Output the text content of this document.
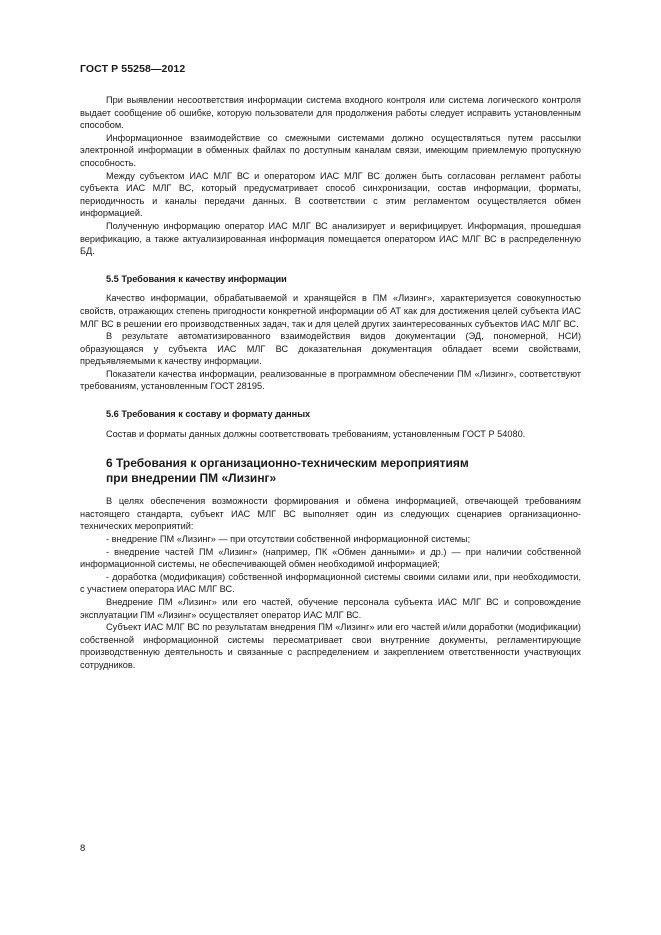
ГОСТ Р 55258—2012

При выявлении несоответствия информации система входного контроля или система логического контроля выдает сообщение об ошибке, которую пользователи для продолжения работы следует исправить установленным способом.

Информационное взаимодействие со смежными системами должно осуществляться путем рассылки электронной информации в обменных файлах по доступным каналам связи, имеющим приемлемую пропускную способность.

Между субъектом ИАС МЛГ ВС и оператором ИАС МЛГ ВС должен быть согласован регламент работы субъекта ИАС МЛГ ВС, который предусматривает способ синхронизации, состав информации, форматы, периодичность и каналы передачи данных. В соответствии с этим регламентом осуществляется обмен информацией.

Полученную информацию оператор ИАС МЛГ ВС анализирует и верифицирует. Информация, прошедшая верификацию, а также актуализированная информация помещается оператором ИАС МЛГ ВС в распределенную БД.

5.5 Требования к качеству информации

Качество информации, обрабатываемой и хранящейся в ПМ «Лизинг», характеризуется совокупностью свойств, отражающих степень пригодности конкретной информации об АТ как для достижения целей субъекта ИАС МЛГ ВС в решении его производственных задач, так и для целей других заинтересованных субъектов ИАС МЛГ ВС.

В результате автоматизированного взаимодействия видов документации (ЭД, пономерной, НСИ) образующаяся у субъекта ИАС МЛГ ВС доказательная документация обладает всеми свойствами, предъявляемыми к качеству информации.

Показатели качества информации, реализованные в программном обеспечении ПМ «Лизинг», соответствуют требованиям, установленным ГОСТ 28195.

5.6 Требования к составу и формату данных

Состав и форматы данных должны соответствовать требованиям, установленным ГОСТ Р 54080.

6 Требования к организационно-техническим мероприятиям
при внедрении ПМ «Лизинг»

В целях обеспечения возможности формирования и обмена информацией, отвечающей требованиям настоящего стандарта, субъект ИАС МЛГ ВС выполняет один из следующих сценариев организационно-технических мероприятий:

- внедрение ПМ «Лизинг» — при отсутствии собственной информационной системы;

- внедрение частей ПМ «Лизинг» (например, ПК «Обмен данными» и др.) — при наличии собственной информационной системы, не обеспечивающей обмен необходимой информацией;

- доработка (модификация) собственной информационной системы своими силами или, при необходимости, с участием оператора ИАС МЛГ ВС.

Внедрение ПМ «Лизинг» или его частей, обучение персонала субъекта ИАС МЛГ ВС и сопровождение эксплуатации ПМ «Лизинг» осуществляет оператор ИАС МЛГ ВС.

Субъект ИАС МЛГ ВС по результатам внедрения ПМ «Лизинг» или его частей и/или доработки (модификации) собственной информационной системы пересматривает свои внутренние документы, регламентирующие производственную деятельность и связанные с распределением и закреплением ответственности участвующих сотрудников.

8
